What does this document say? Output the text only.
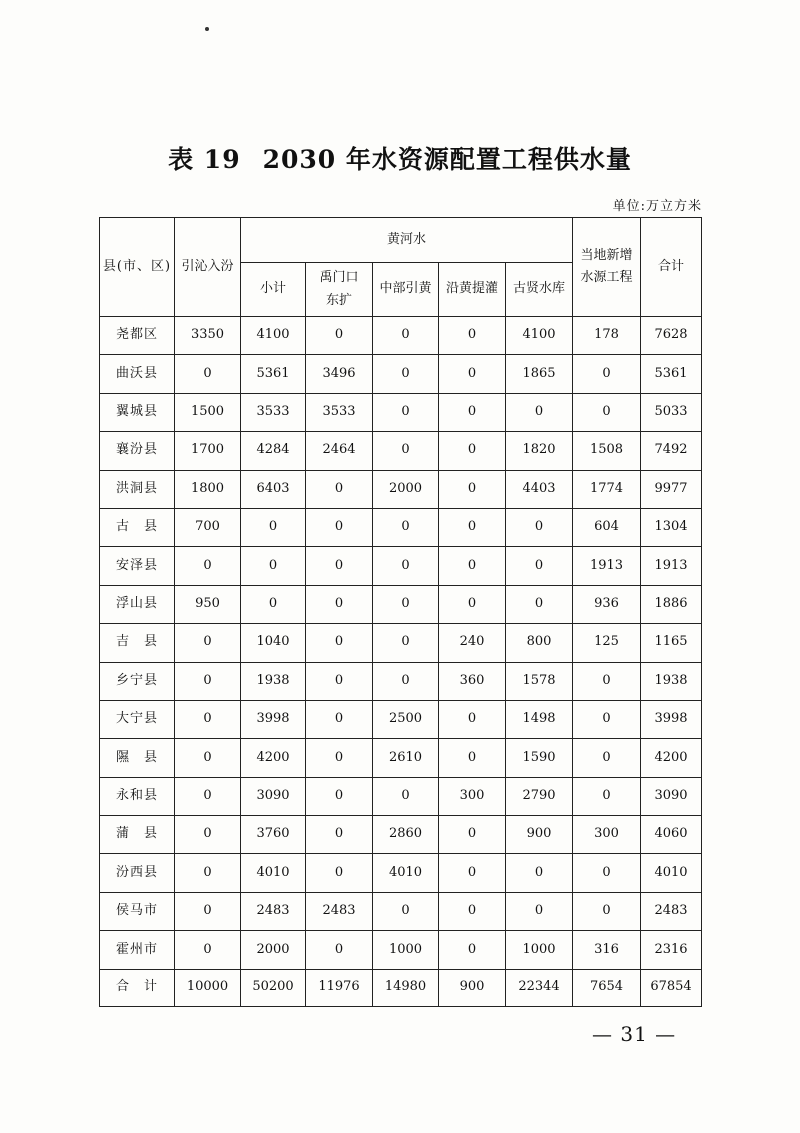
表 19 2030 年水资源配置工程供水量
单位:万立方米
县(市、区)	引沁入汾	黄河水					当地新增水源工程	合计
		小计	禹门口东扩	中部引黄	沿黄提灌	古贤水库		
尧都区	3350	4100	0	0	0	4100	178	7628
曲沃县	0	5361	3496	0	0	1865	0	5361
翼城县	1500	3533	3533	0	0	0	0	5033
襄汾县	1700	4284	2464	0	0	1820	1508	7492
洪洞县	1800	6403	0	2000	0	4403	1774	9977
古　县	700	0	0	0	0	0	604	1304
安泽县	0	0	0	0	0	0	1913	1913
浮山县	950	0	0	0	0	0	936	1886
吉　县	0	1040	0	0	240	800	125	1165
乡宁县	0	1938	0	0	360	1578	0	1938
大宁县	0	3998	0	2500	0	1498	0	3998
隰　县	0	4200	0	2610	0	1590	0	4200
永和县	0	3090	0	0	300	2790	0	3090
蒲　县	0	3760	0	2860	0	900	300	4060
汾西县	0	4010	0	4010	0	0	0	4010
侯马市	0	2483	2483	0	0	0	0	2483
霍州市	0	2000	0	1000	0	1000	316	2316
合　计	10000	50200	11976	14980	900	22344	7654	67854
— 31 —
